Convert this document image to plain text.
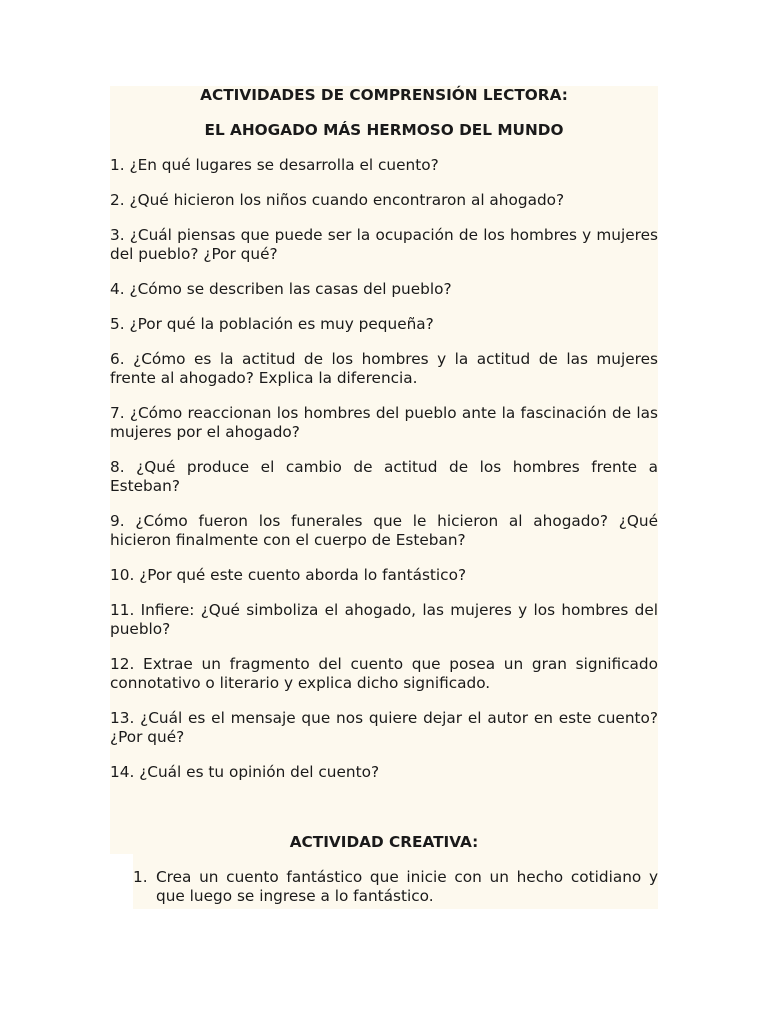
ACTIVIDADES DE COMPRENSIÓN LECTORA:

EL AHOGADO MÁS HERMOSO DEL MUNDO

1. ¿En qué lugares se desarrolla el cuento?

2. ¿Qué hicieron los niños cuando encontraron al ahogado?

3. ¿Cuál piensas que puede ser la ocupación de los hombres y mujeres del pueblo? ¿Por qué?

4. ¿Cómo se describen las casas del pueblo?

5. ¿Por qué la población es muy pequeña?

6. ¿Cómo es la actitud de los hombres y la actitud de las mujeres frente al ahogado? Explica la diferencia.

7. ¿Cómo reaccionan los hombres del pueblo ante la fascinación de las mujeres por el ahogado?

8. ¿Qué produce el cambio de actitud de los hombres frente a Esteban?

9. ¿Cómo fueron los funerales que le hicieron al ahogado? ¿Qué hicieron finalmente con el cuerpo de Esteban?

10. ¿Por qué este cuento aborda lo fantástico?

11. Infiere: ¿Qué simboliza el ahogado, las mujeres y los hombres del pueblo?

12. Extrae un fragmento del cuento que posea un gran significado connotativo o literario y explica dicho significado.

13. ¿Cuál es el mensaje que nos quiere dejar el autor en este cuento? ¿Por qué?

14. ¿Cuál es tu opinión del cuento?

ACTIVIDAD CREATIVA:

1. Crea un cuento fantástico que inicie con un hecho cotidiano y que luego se ingrese a lo fantástico.
